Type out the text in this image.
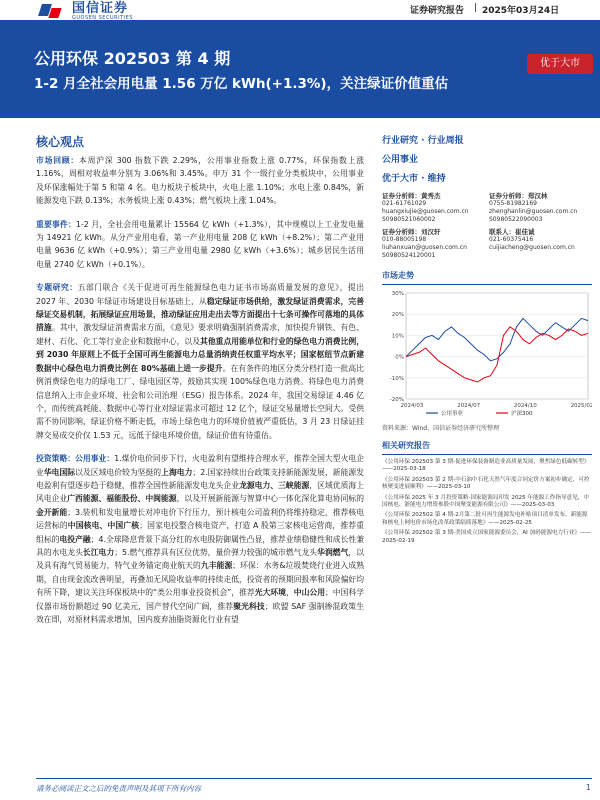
国信证券
GUOSEN SECURITIES
证券研究报告 | 2025年03月24日
公用环保 202503 第 4 期
1-2 月全社会用电量 1.56 万亿 kWh(+1.3%)，关注绿证价值重估
优于大市
核心观点

市场回顾：本周沪深 300 指数下跌 2.29%，公用事业指数上涨 0.77%，环保指数上涨 1.16%，周相对收益率分别为 3.06%和 3.45%。申万 31 个一级行业分类板块中，公用事业及环保涨幅处于第 5 和第 4 名。电力板块子板块中，火电上涨 1.10%；水电上涨 0.84%，新能源发电下跌 0.13%；水务板块上涨 0.43%；燃气板块上涨 1.04%。

重要事件：1-2 月，全社会用电量累计 15564 亿 kWh（+1.3%），其中规模以上工业发电量为 14921 亿 kWh。从分产业用电看，第一产业用电量 208 亿 kWh（+8.2%）；第二产业用电量 9636 亿 kWh（+0.9%）；第三产业用电量 2980 亿 kWh（+3.6%）；城乡居民生活用电量 2740 亿 kWh（+0.1%）。

专题研究：五部门联合《关于促进可再生能源绿色电力证书市场高质量发展的意见》，提出 2027 年、2030 年绿证市场建设目标基础上，从稳定绿证市场供给，激发绿证消费需求，完善绿证交易机制，拓展绿证应用场景，推动绿证应用走出去等方面提出十七条可操作可落地的具体措施。其中，激发绿证消费需求方面，《意见》要求明确强制消费需求，加快提升钢铁、有色、建材、石化、化工等行业企业和数据中心，以及其他重点用能单位和行业的绿色电力消费比例，到 2030 年原则上不低于全国可再生能源电力总量消纳责任权重平均水平；国家枢纽节点新建数据中心绿色电力消费比例在 80%基础上进一步提升。在有条件的地区分类分档打造一批高比例消费绿色电力的绿电工厂、绿电园区等，鼓励其实现 100%绿色电力消费。将绿色电力消费信息纳入上市企业环境、社会和公司治理（ESG）报告体系。2024 年，我国交易绿证 4.46 亿个，而传统高耗能、数据中心等行业对绿证需求可超过 12 亿个，绿证交易量增长空间大。受供需不协同影响，绿证价格不断走低，市场上绿色电力的环境价值被严重低估，3 月 23 日绿证挂牌交易成交价仅 1.53 元，远低于绿电环境价值，绿证价值有待重估。

投资策略：公用事业：1.煤价电价同步下行，火电盈利有望维持合理水平，推荐全国大型火电企业华电国际以及区域电价较为坚挺的上海电力；2.国家持续出台政策支持新能源发展，新能源发电盈利有望逐步趋于稳健，推荐全国性新能源发电龙头企业龙源电力、三峡能源，区域优质海上风电企业广西能源、福能股份、中闽能源，以及开展新能源与智算中心一体化深化算电协同标的金开新能；3.装机和发电量增长对冲电价下行压力，预计核电公司盈利仍将维持稳定，推荐核电运营标的中国核电、中国广核；国家电投整合核电资产，打造 A 股第三家核电运营商，推荐重组标的电投产融；4.全球降息背景下高分红的水电股防御属性凸显，推荐业绩稳健性和成长性兼具的水电龙头长江电力；5.燃气推荐具有区位优势，量价弹力较强的城市燃气龙头华润燃气，以及具有海气贸易能力，特气业务锚定商业航天的九丰能源；环保：水务&垃圾焚烧行业进入成熟期，自由现金流改善明显，再叠加无风险收益率的持续走低，投资者的预期回报率和风险偏好均有所下降，建议关注环保板块中的“类公用事业投资机会”，推荐光大环境，中山公用；中国科学仪器市场份额超过 90 亿美元，国产替代空间广阔，推荐聚光科技；欧盟 SAF 强制掺混政策生效在即，对原材料需求增加，国内废弃油脂资源化行业有望

行业研究 · 行业周报
公用事业
优于大市 · 维持
证券分析师：黄秀杰
021-61761029
huangxiujie@guosen.com.cn
S0980521060002
证券分析师：郑汉林
0755-81982169
zhenghanlin@guosen.com.cn
S0980522090003
证券分析师：刘汉轩
010-88005198
liuhanxuan@guosen.com.cn
S0980524120001
联系人：崔佳诚
021-60375416
cuijiacheng@guosen.com.cn
市场走势
30%
20%
10%
0%
-10%
-20%
2024/03	2024/07	2024/10	2025/02
公用事业	沪深300
资料来源：Wind、国信证券经济研究所整理
相关研究报告
《公用环保 202503 第 3 期-促进环保装备制造业高质量发展，聚焦绿色低碳转型》——2025-03-18
《公用环保 202503 第 2 期-中石油中石化天然气年度合同定价方案初步确定，可控核聚变进展顺利》——2025-03-10
《公用环保 2025 年 3 月投资策略-国家能源局印发 2025 年能源工作指导意见，中国核电、浙能电力增资参股中国聚变能源有限公司》——2025-03-03
《公用环保 202502 第 4 期-2月第二批可再生能源发电补贴项目清单发布，新能源和核电上网电价市场化改革政策陆续落地》——2025-02-25
《公用环保 202502 第 3 期-美国成立国家能源委员会，AI 加码能源电力行业》——2025-02-19
请务必阅读正文之后的免责声明及其项下所有内容	1
